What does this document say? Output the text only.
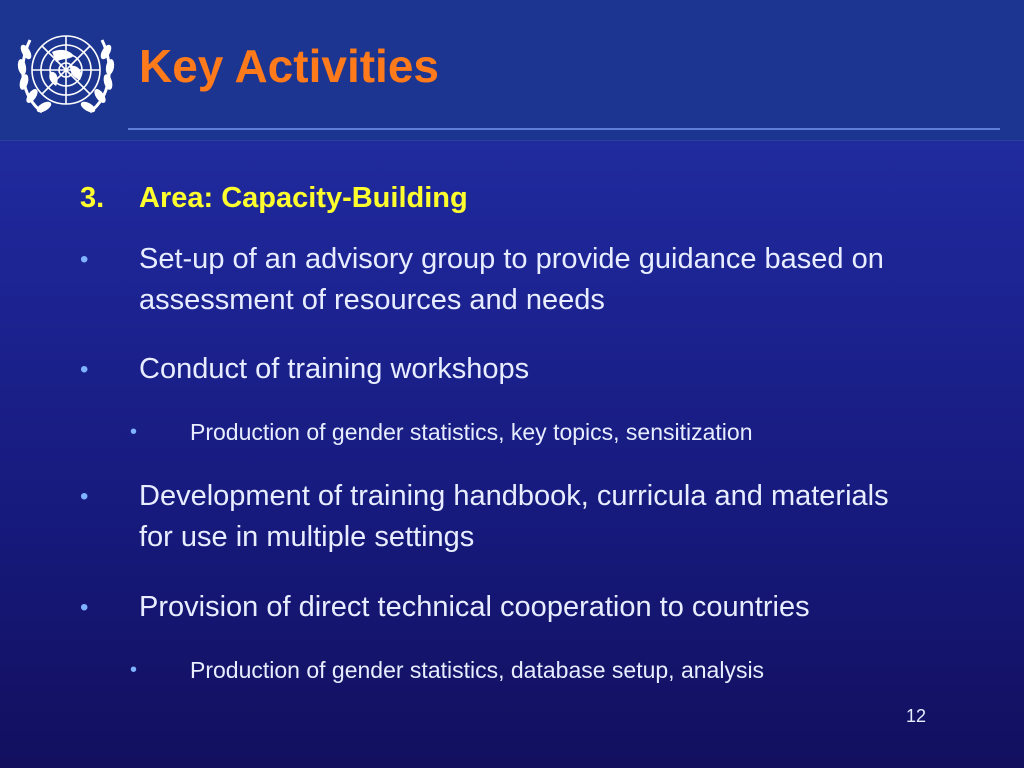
Key Activities
3. Area: Capacity-Building
• Set-up of an advisory group to provide guidance based on assessment of resources and needs
• Conduct of training workshops
• Production of gender statistics, key topics, sensitization
• Development of training handbook, curricula and materials for use in multiple settings
• Provision of direct technical cooperation to countries
• Production of gender statistics, database setup, analysis
12
